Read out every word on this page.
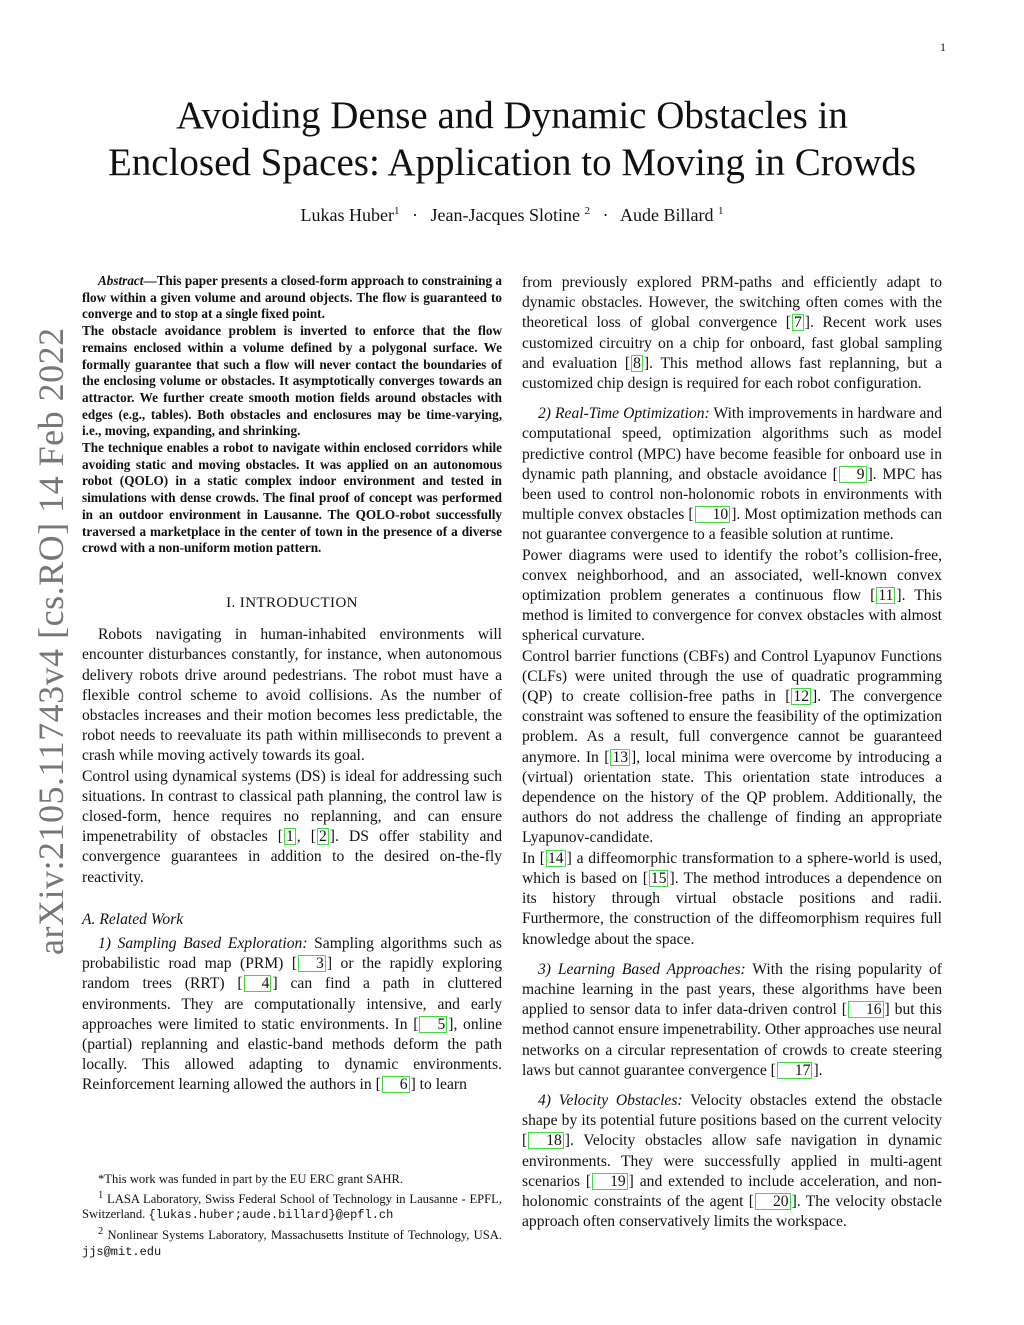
1
arXiv:2105.11743v4 [cs.RO] 14 Feb 2022
Avoiding Dense and Dynamic Obstacles in
Enclosed Spaces: Application to Moving in Crowds
Lukas Huber$^1$ · Jean-Jacques Slotine $^2$ · Aude Billard $^1$

Abstract—This paper presents a closed-form approach to constraining a flow within a given volume and around objects. The flow is guaranteed to converge and to stop at a single fixed point.

The obstacle avoidance problem is inverted to enforce that the flow remains enclosed within a volume defined by a polygonal surface. We formally guarantee that such a flow will never contact the boundaries of the enclosing volume or obstacles. It asymptotically converges towards an attractor. We further create smooth motion fields around obstacles with edges (e.g., tables). Both obstacles and enclosures may be time-varying, i.e., moving, expanding, and shrinking.

The technique enables a robot to navigate within enclosed corridors while avoiding static and moving obstacles. It was applied on an autonomous robot (QOLO) in a static complex indoor environment and tested in simulations with dense crowds. The final proof of concept was performed in an outdoor environment in Lausanne. The QOLO-robot successfully traversed a marketplace in the center of town in the presence of a diverse crowd with a non-uniform motion pattern.

I. INTRODUCTION

Robots navigating in human-inhabited environments will encounter disturbances constantly, for instance, when autonomous delivery robots drive around pedestrians. The robot must have a flexible control scheme to avoid collisions. As the number of obstacles increases and their motion becomes less predictable, the robot needs to reevaluate its path within milliseconds to prevent a crash while moving actively towards its goal.

Control using dynamical systems (DS) is ideal for addressing such situations. In contrast to classical path planning, the control law is closed-form, hence requires no replanning, and can ensure impenetrability of obstacles [ 1 , [ 2 ]. DS offer stability and convergence guarantees in addition to the desired on-the-fly reactivity.

A. Related Work

1) Sampling Based Exploration: Sampling algorithms such as probabilistic road map (PRM) [ 3 ] or the rapidly exploring random trees (RRT) [ 4 ] can find a path in cluttered environments. They are computationally intensive, and early approaches were limited to static environments. In [ 5 ], online (partial) replanning and elastic-band methods deform the path locally. This allowed adapting to dynamic environments. Reinforcement learning allowed the authors in [ 6 ] to learn

*This work was funded in part by the EU ERC grant SAHR.

$^1$ LASA Laboratory, Swiss Federal School of Technology in Lausanne - EPFL, Switzerland. {lukas.huber;aude.billard}@epfl.ch

$^2$ Nonlinear Systems Laboratory, Massachusetts Institute of Technology, USA. jjs@mit.edu

from previously explored PRM-paths and efficiently adapt to dynamic obstacles. However, the switching often comes with the theoretical loss of global convergence [ 7 ]. Recent work uses customized circuitry on a chip for onboard, fast global sampling and evaluation [ 8 ]. This method allows fast replanning, but a customized chip design is required for each robot configuration.

2) Real-Time Optimization: With improvements in hardware and computational speed, optimization algorithms such as model predictive control (MPC) have become feasible for onboard use in dynamic path planning, and obstacle avoidance [ 9 ]. MPC has been used to control non-holonomic robots in environments with multiple convex obstacles [ 10 ]. Most optimization methods can not guarantee convergence to a feasible solution at runtime.

Power diagrams were used to identify the robot’s collision-free, convex neighborhood, and an associated, well-known convex optimization problem generates a continuous flow [ 11 ]. This method is limited to convergence for convex obstacles with almost spherical curvature.

Control barrier functions (CBFs) and Control Lyapunov Functions (CLFs) were united through the use of quadratic programming (QP) to create collision-free paths in [ 12 ]. The convergence constraint was softened to ensure the feasibility of the optimization problem. As a result, full convergence cannot be guaranteed anymore. In [ 13 ], local minima were overcome by introducing a (virtual) orientation state. This orientation state introduces a dependence on the history of the QP problem. Additionally, the authors do not address the challenge of finding an appropriate Lyapunov-candidate.

In [ 14 ] a diffeomorphic transformation to a sphere-world is used, which is based on [ 15 ]. The method introduces a dependence on its history through virtual obstacle positions and radii. Furthermore, the construction of the diffeomorphism requires full knowledge about the space.

3) Learning Based Approaches: With the rising popularity of machine learning in the past years, these algorithms have been applied to sensor data to infer data-driven control [ 16 ] but this method cannot ensure impenetrability. Other approaches use neural networks on a circular representation of crowds to create steering laws but cannot guarantee convergence [ 17 ].

4) Velocity Obstacles: Velocity obstacles extend the obstacle shape by its potential future positions based on the current velocity [ 18 ]. Velocity obstacles allow safe navigation in dynamic environments. They were successfully applied in multi-agent scenarios [ 19 ] and extended to include acceleration, and non-holonomic constraints of the agent [ 20 ]. The velocity obstacle approach often conservatively limits the workspace.
